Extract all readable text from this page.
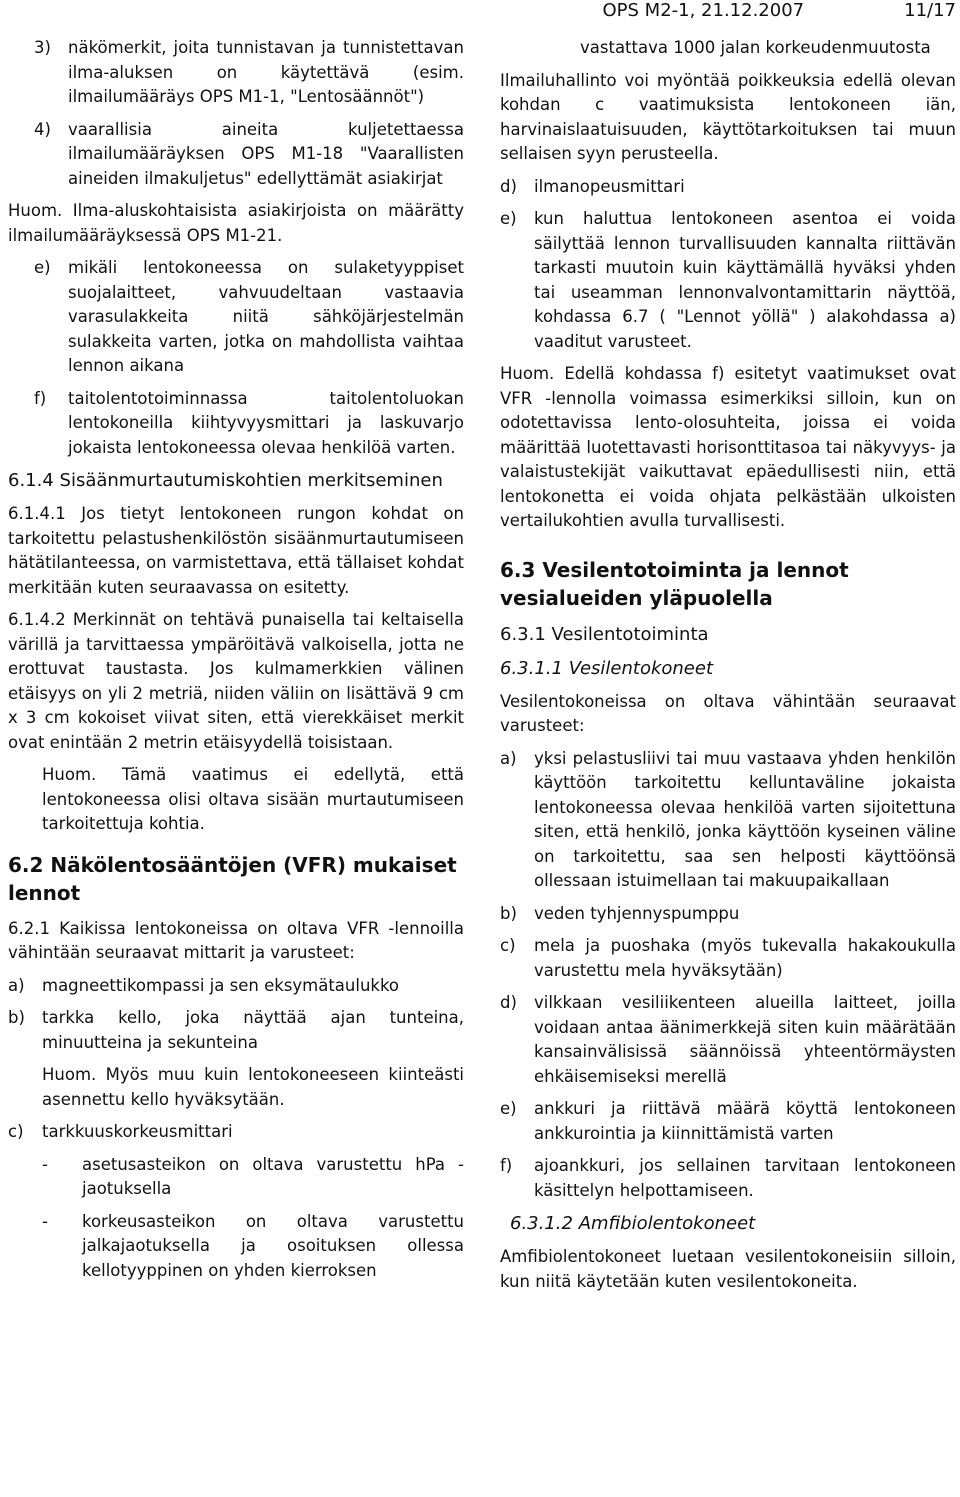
OPS M2-1, 21.12.2007	11/17
3)	näkömerkit, joita tunnistavan ja tunnistettavan ilma-aluksen on käytettävä (esim. ilmailumääräys OPS M1-1, "Lentosäännöt")
4)	vaarallisia aineita kuljetettaessa ilmailumääräyksen OPS M1-18 "Vaarallisten aineiden ilmakuljetus" edellyttämät asiakirjat

Huom. Ilma-aluskohtaisista asiakirjoista on määrätty ilmailumääräyksessä OPS M1-21.

e)	mikäli lentokoneessa on sulaketyyppiset suojalaitteet, vahvuudeltaan vastaavia varasulakkeita niitä sähköjärjestelmän sulakkeita varten, jotka on mahdollista vaihtaa lennon aikana
f)	taitolentotoiminnassa taitolentoluokan lentokoneilla kiihtyvyysmittari ja laskuvarjo jokaista lentokoneessa olevaa henkilöä varten.
6.1.4 Sisäänmurtautumiskohtien merkitseminen

6.1.4.1 Jos tietyt lentokoneen rungon kohdat on tarkoitettu pelastushenkilöstön sisäänmurtautumiseen hätätilanteessa, on varmistettava, että tällaiset kohdat merkitään kuten seuraavassa on esitetty.

6.1.4.2 Merkinnät on tehtävä punaisella tai keltaisella värillä ja tarvittaessa ympäröitävä valkoisella, jotta ne erottuvat taustasta. Jos kulmamerkkien välinen etäisyys on yli 2 metriä, niiden väliin on lisättävä 9 cm x 3 cm kokoiset viivat siten, että vierekkäiset merkit ovat enintään 2 metrin etäisyydellä toisistaan.

Huom. Tämä vaatimus ei edellytä, että lentokoneessa olisi oltava sisään murtautumiseen tarkoitettuja kohtia.

6.2 Näkölentosääntöjen (VFR) mukaiset lennot

6.2.1 Kaikissa lentokoneissa on oltava VFR -lennoilla vähintään seuraavat mittarit ja varusteet:

a)	magneettikompassi ja sen eksymätaulukko
b)	tarkka kello, joka näyttää ajan tunteina, minuutteina ja sekunteina

Huom. Myös muu kuin lentokoneeseen kiinteästi asennettu kello hyväksytään.

c)	tarkkuuskorkeusmittari
-	asetusasteikon on oltava varustettu hPa -jaotuksella
-	korkeusasteikon on oltava varustettu jalkajaotuksella ja osoituksen ollessa kellotyyppinen on yhden kierroksen

vastattava 1000 jalan korkeudenmuutosta

Ilmailuhallinto voi myöntää poikkeuksia edellä olevan kohdan c vaatimuksista lentokoneen iän, harvinaislaatuisuuden, käyttötarkoituksen tai muun sellaisen syyn perusteella.

d)	ilmanopeusmittari
e)	kun haluttua lentokoneen asentoa ei voida säilyttää lennon turvallisuuden kannalta riittävän tarkasti muutoin kuin käyttämällä hyväksi yhden tai useamman lennonvalvontamittarin näyttöä, kohdassa 6.7 ( "Lennot yöllä" ) alakohdassa a) vaaditut varusteet.

Huom. Edellä kohdassa f) esitetyt vaatimukset ovat VFR -lennolla voimassa esimerkiksi silloin, kun on odotettavissa lento-olosuhteita, joissa ei voida määrittää luotettavasti horisonttitasoa tai näkyvyys- ja valaistustekijät vaikuttavat epäedullisesti niin, että lentokonetta ei voida ohjata pelkästään ulkoisten vertailukohtien avulla turvallisesti.

6.3 Vesilentotoiminta ja lennot vesialueiden yläpuolella
6.3.1 Vesilentotoiminta
6.3.1.1 Vesilentokoneet

Vesilentokoneissa on oltava vähintään seuraavat varusteet:

a)	yksi pelastusliivi tai muu vastaava yhden henkilön käyttöön tarkoitettu kelluntaväline jokaista lentokoneessa olevaa henkilöä varten sijoitettuna siten, että henkilö, jonka käyttöön kyseinen väline on tarkoitettu, saa sen helposti käyttöönsä ollessaan istuimellaan tai makuupaikallaan
b)	veden tyhjennyspumppu
c)	mela ja puoshaka (myös tukevalla hakakoukulla varustettu mela hyväksytään)
d)	vilkkaan vesiliikenteen alueilla laitteet, joilla voidaan antaa äänimerkkejä siten kuin määrätään kansainvälisissä säännöissä yhteentörmäysten ehkäisemiseksi merellä
e)	ankkuri ja riittävä määrä köyttä lentokoneen ankkurointia ja kiinnittämistä varten
f)	ajoankkuri, jos sellainen tarvitaan lentokoneen käsittelyn helpottamiseen.
6.3.1.2 Amfibiolentokoneet

Amfibiolentokoneet luetaan vesilentokoneisiin silloin, kun niitä käytetään kuten vesilentokoneita.
